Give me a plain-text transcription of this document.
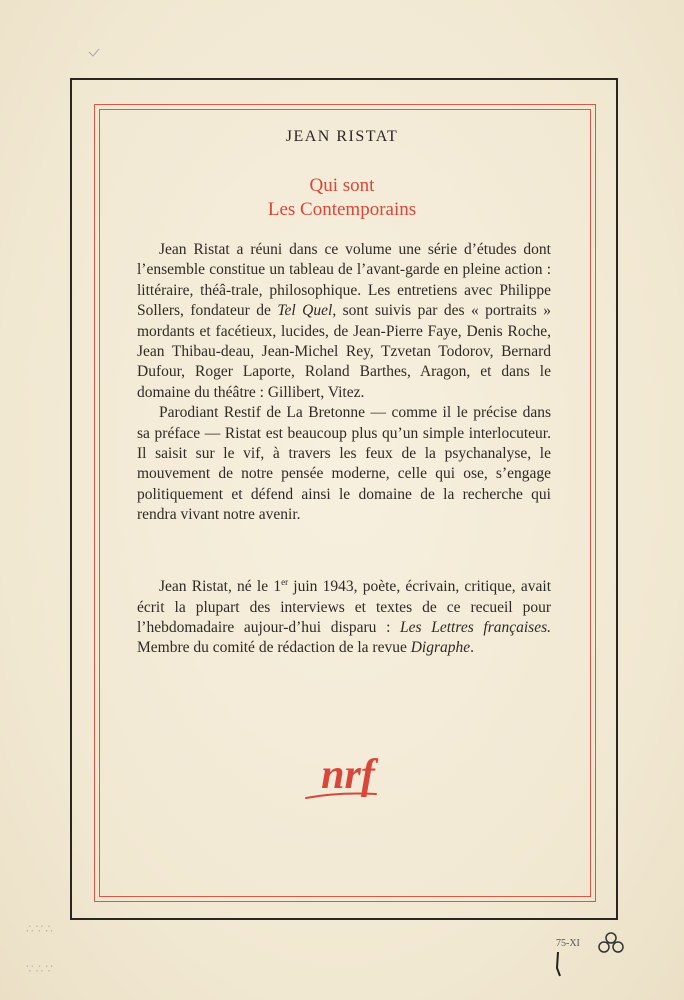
JEAN RISTAT
Qui sont
Les Contemporains

Jean Ristat a réuni dans ce volume une série d’études dont l’ensemble constitue un tableau de l’avant-garde en pleine action : littéraire, théâ-trale, philosophique. Les entretiens avec Philippe Sollers, fondateur de Tel Quel, sont suivis par des « portraits » mordants et facétieux, lucides, de Jean-Pierre Faye, Denis Roche, Jean Thibau-deau, Jean-Michel Rey, Tzvetan Todorov, Bernard Dufour, Roger Laporte, Roland Barthes, Aragon, et dans le domaine du théâtre : Gillibert, Vitez.

Parodiant Restif de La Bretonne — comme il le précise dans sa préface — Ristat est beaucoup plus qu’un simple interlocuteur. Il saisit sur le vif, à travers les feux de la psychanalyse, le mouvement de notre pensée moderne, celle qui ose, s’engage politiquement et défend ainsi le domaine de la recherche qui rendra vivant notre avenir.

Jean Ristat, né le 1er juin 1943, poète, écrivain, critique, avait écrit la plupart des interviews et textes de ce recueil pour l’hebdomadaire aujour-d’hui disparu : Les Lettres françaises. Membre du comité de rédaction de la revue Digraphe.

nrf
75-XI
∴∵∴
∵∴∵
